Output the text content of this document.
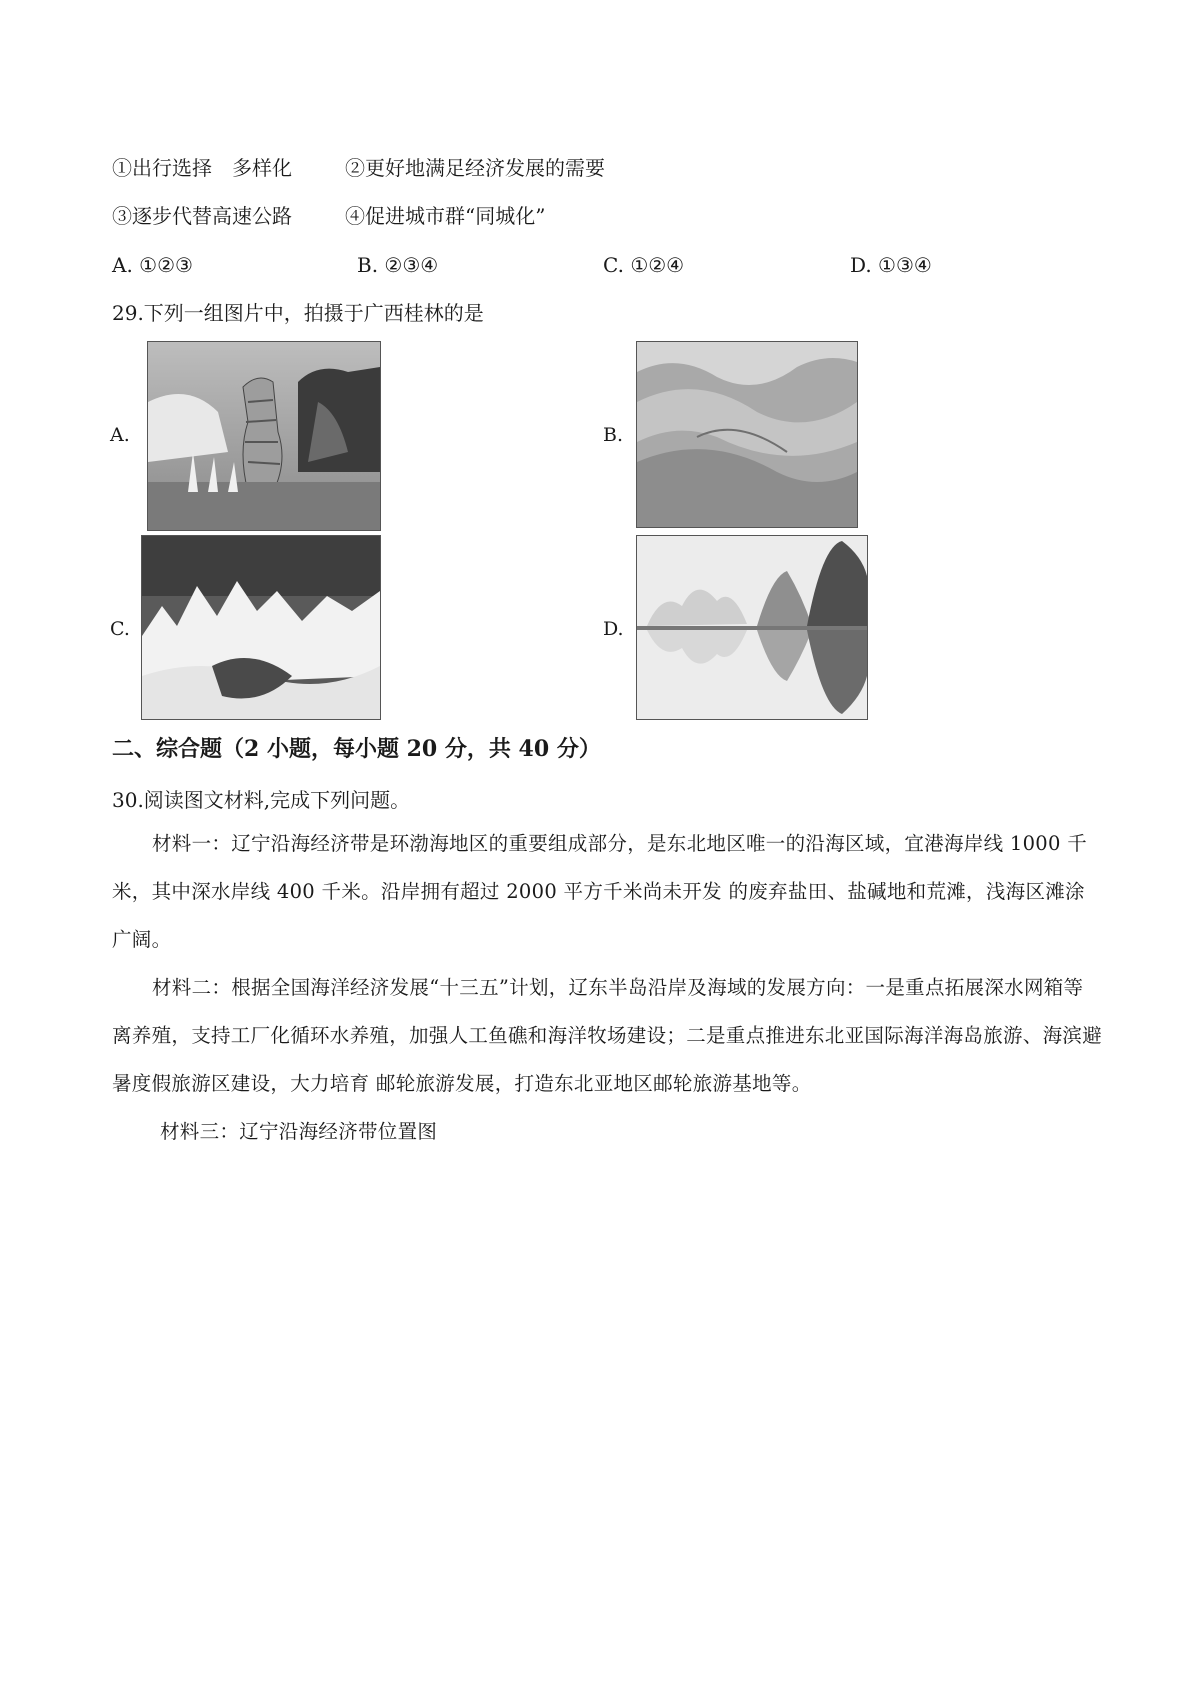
①出行选择　多样化	②更好地满足经济发展的需要
③逐步代替高速公路	④促进城市群“同城化”
A. ①②③	B. ②③④	C. ①②④	D. ①③④
29.下列一组图片中，拍摄于广西桂林的是
A.	B.
C.	D.
二、综合题（2 小题，每小题 20 分，共 40 分）
30.阅读图文材料,完成下列问题。

材料一：辽宁沿海经济带是环渤海地区的重要组成部分，是东北地区唯一的沿海区域，宜港海岸线 1000 千米，其中深水岸线 400 千米。沿岸拥有超过 2000 平方千米尚未开发 的废弃盐田、盐碱地和荒滩，浅海区滩涂广阔。

材料二：根据全国海洋经济发展“十三五”计划，辽东半岛沿岸及海域的发展方向：一是重点拓展深水网箱等离养殖，支持工厂化循环水养殖，加强人工鱼礁和海洋牧场建设；二是重点推进东北亚国际海洋海岛旅游、海滨避暑度假旅游区建设，大力培育 邮轮旅游发展，打造东北亚地区邮轮旅游基地等。

材料三：辽宁沿海经济带位置图
